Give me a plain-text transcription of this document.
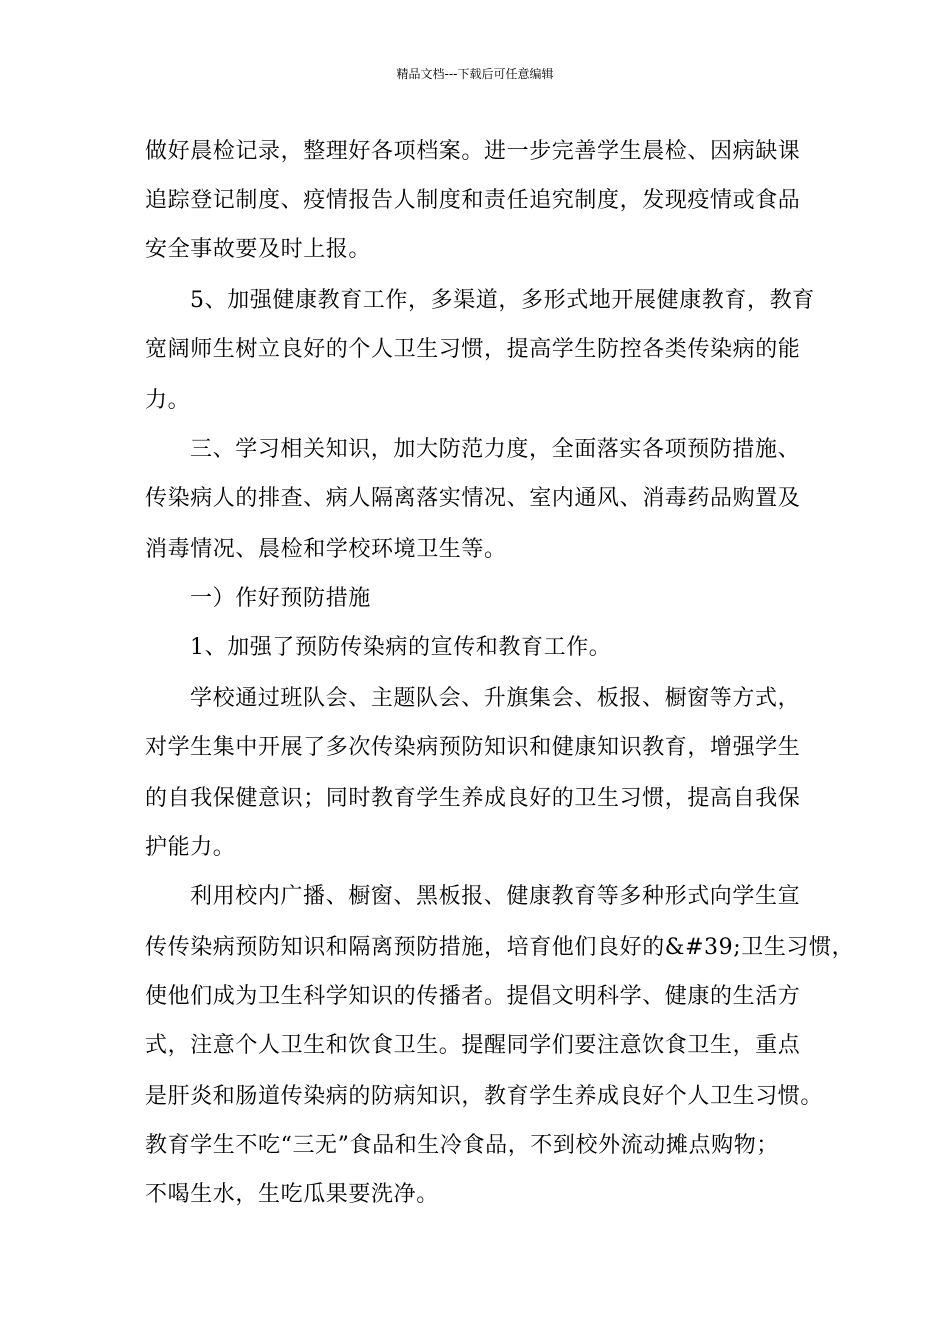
精品文档---下载后可任意编辑
做好晨检记录，整理好各项档案。进一步完善学生晨检、因病缺课
追踪登记制度、疫情报告人制度和责任追究制度，发现疫情或食品
安全事故要及时上报。
5、加强健康教育工作，多渠道，多形式地开展健康教育，教育
宽阔师生树立良好的个人卫生习惯，提高学生防控各类传染病的能
力。
三、学习相关知识，加大防范力度，全面落实各项预防措施、
传染病人的排查、病人隔离落实情况、室内通风、消毒药品购置及
消毒情况、晨检和学校环境卫生等。
一）作好预防措施
1、加强了预防传染病的宣传和教育工作。
学校通过班队会、主题队会、升旗集会、板报、橱窗等方式，
对学生集中开展了多次传染病预防知识和健康知识教育，增强学生
的自我保健意识；同时教育学生养成良好的卫生习惯，提高自我保
护能力。
利用校内广播、橱窗、黑板报、健康教育等多种形式向学生宣
传传染病预防知识和隔离预防措施，培育他们良好的&#39;卫生习惯，
使他们成为卫生科学知识的传播者。提倡文明科学、健康的生活方
式，注意个人卫生和饮食卫生。提醒同学们要注意饮食卫生，重点
是肝炎和肠道传染病的防病知识，教育学生养成良好个人卫生习惯。
教育学生不吃“三无”食品和生冷食品，不到校外流动摊点购物；
不喝生水，生吃瓜果要洗净。
